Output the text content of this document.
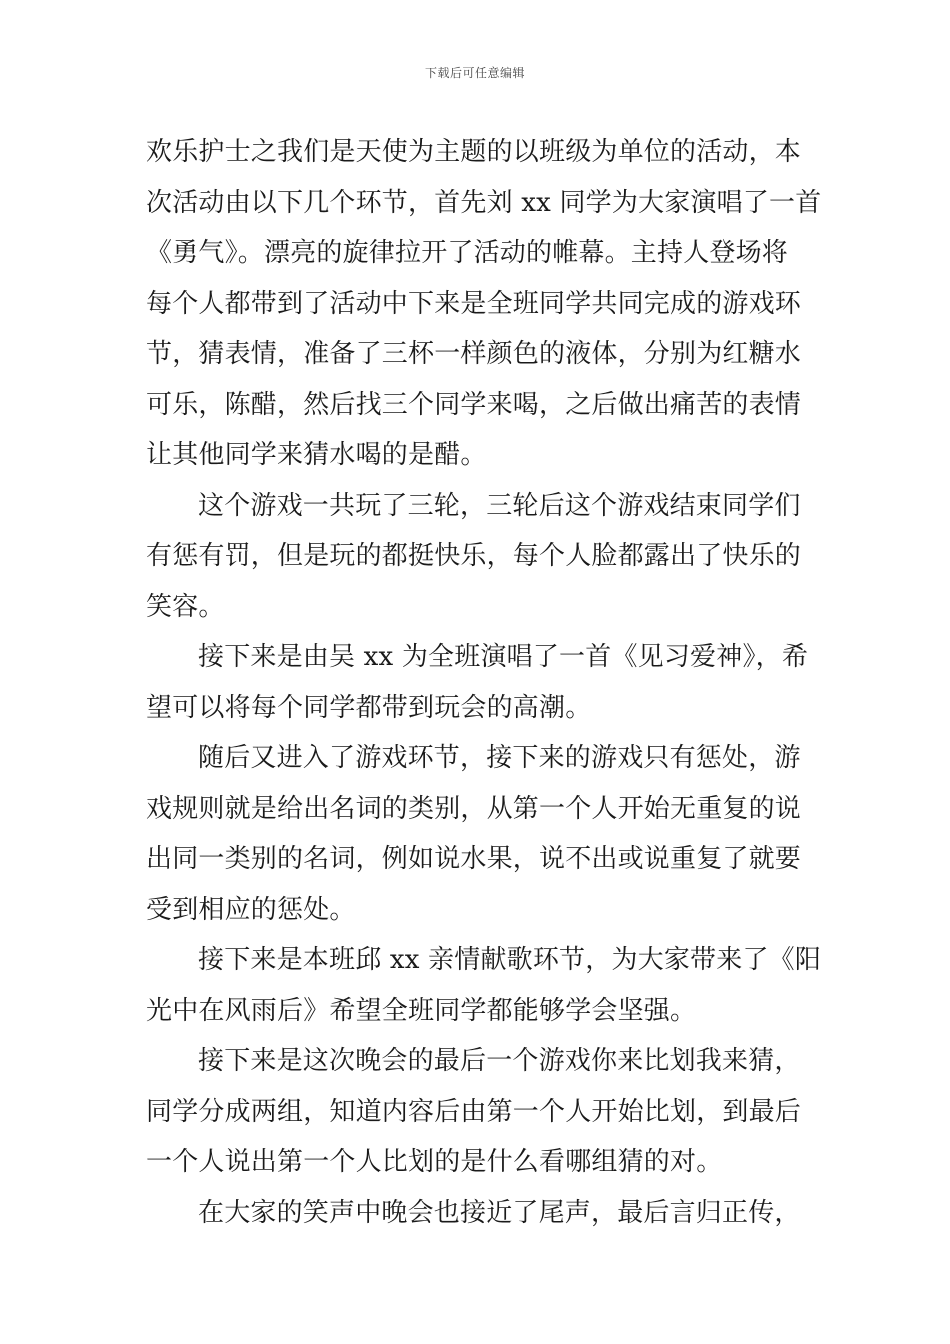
下载后可任意编辑

欢乐护士之我们是天使为主题的以班级为单位的活动，本
次活动由以下几个环节，首先刘 xx 同学为大家演唱了一首
《勇气》。漂亮的旋律拉开了活动的帷幕。主持人登场将
每个人都带到了活动中下来是全班同学共同完成的游戏环
节，猜表情，准备了三杯一样颜色的液体，分别为红糖水
可乐，陈醋，然后找三个同学来喝，之后做出痛苦的表情
让其他同学来猜水喝的是醋。

这个游戏一共玩了三轮，三轮后这个游戏结束同学们
有惩有罚，但是玩的都挺快乐，每个人脸都露出了快乐的
笑容。

接下来是由吴 xx 为全班演唱了一首《见习爱神》，希
望可以将每个同学都带到玩会的高潮。

随后又进入了游戏环节，接下来的游戏只有惩处，游
戏规则就是给出名词的类别，从第一个人开始无重复的说
出同一类别的名词，例如说水果，说不出或说重复了就要
受到相应的惩处。

接下来是本班邱 xx 亲情献歌环节，为大家带来了《阳
光中在风雨后》希望全班同学都能够学会坚强。

接下来是这次晚会的最后一个游戏你来比划我来猜，
同学分成两组，知道内容后由第一个人开始比划，到最后
一个人说出第一个人比划的是什么看哪组猜的对。

在大家的笑声中晚会也接近了尾声，最后言归正传，
